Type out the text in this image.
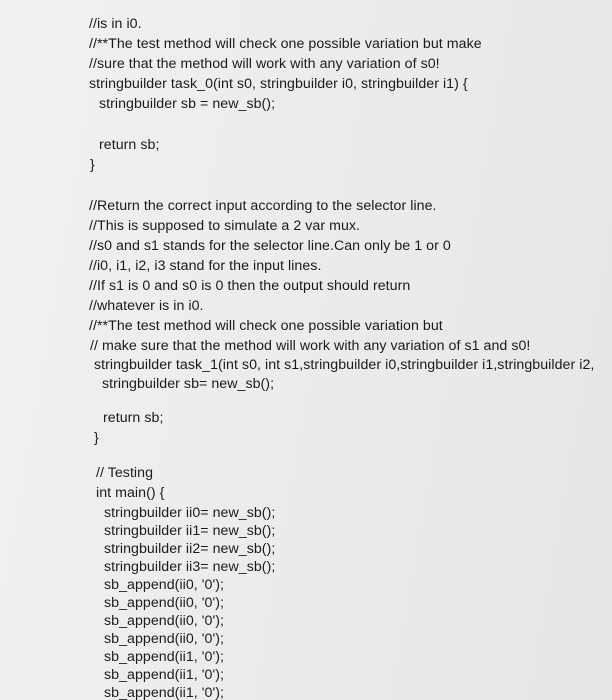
//is in i0.

//**The test method will check one possible variation but make

//sure that the method will work with any variation of s0!

stringbuilder task_0(int s0, stringbuilder i0, stringbuilder i1) {

stringbuilder sb = new_sb();

return sb;

}

//Return the correct input according to the selector line.

//This is supposed to simulate a 2 var mux.

//s0 and s1 stands for the selector line.Can only be 1 or 0

//i0, i1, i2, i3 stand for the input lines.

//If s1 is 0 and s0 is 0 then the output should return

//whatever is in i0.

//**The test method will check one possible variation but

// make sure that the method will work with any variation of s1 and s0!

stringbuilder task_1(int s0, int s1,stringbuilder i0,stringbuilder i1,stringbuilder i2,

stringbuilder sb= new_sb();

return sb;

}

// Testing

int main() {

stringbuilder ii0= new_sb();

stringbuilder ii1= new_sb();

stringbuilder ii2= new_sb();

stringbuilder ii3= new_sb();

sb_append(ii0, '0');

sb_append(ii0, '0');

sb_append(ii0, '0');

sb_append(ii0, '0');

sb_append(ii1, '0');

sb_append(ii1, '0');

sb_append(ii1, '0');
